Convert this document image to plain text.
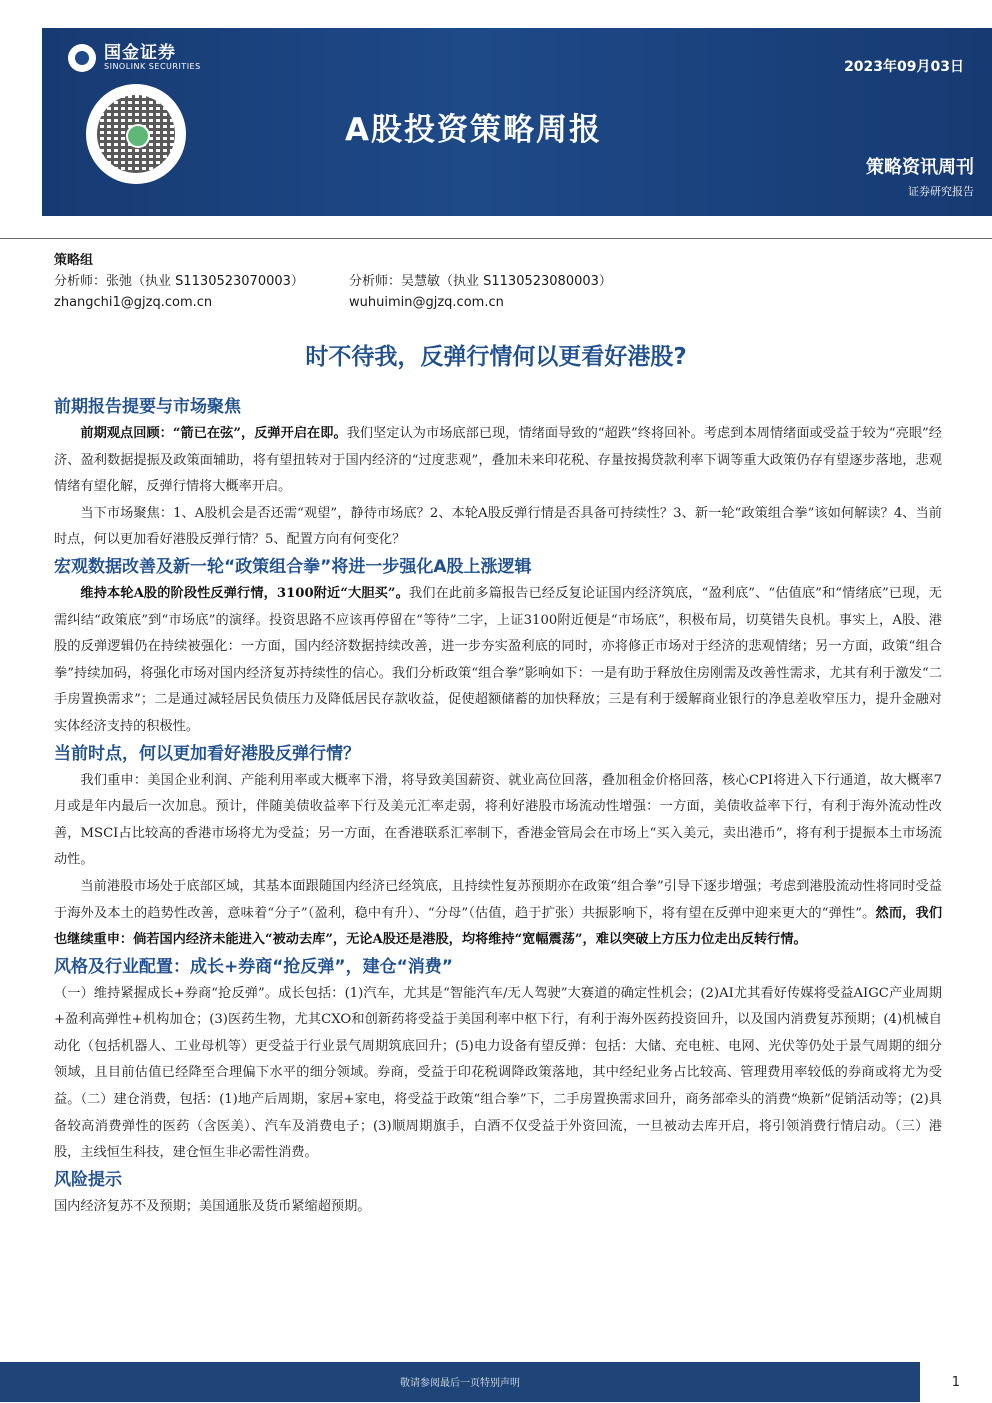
国金证券
SINOLINK SECURITIES
A股投资策略周报
2023年09月03日
策略资讯周刊
证券研究报告
策略组
分析师：张弛（执业 S1130523070003）
zhangchi1@gjzq.com.cn
分析师：吴慧敏（执业 S1130523080003）
wuhuimin@gjzq.com.cn
时不待我，反弹行情何以更看好港股?
前期报告提要与市场聚焦

前期观点回顾：“箭已在弦”，反弹开启在即。我们坚定认为市场底部已现，情绪面导致的“超跌”终将回补。考虑到本周情绪面或受益于较为“亮眼”经济、盈利数据提振及政策面辅助，将有望扭转对于国内经济的“过度悲观”，叠加未来印花税、存量按揭贷款利率下调等重大政策仍存有望逐步落地，悲观情绪有望化解，反弹行情将大概率开启。

当下市场聚焦：1、A股机会是否还需“观望”，静待市场底？2、本轮A股反弹行情是否具备可持续性？3、新一轮“政策组合拳”该如何解读？4、当前时点，何以更加看好港股反弹行情？5、配置方向有何变化？

宏观数据改善及新一轮“政策组合拳”将进一步强化A股上涨逻辑

维持本轮A股的阶段性反弹行情，3100附近“大胆买”。我们在此前多篇报告已经反复论证国内经济筑底，“盈利底”、“估值底”和“情绪底”已现，无需纠结“政策底”到“市场底”的演绎。投资思路不应该再停留在“等待”二字，上证3100附近便是“市场底”，积极布局，切莫错失良机。事实上，A股、港股的反弹逻辑仍在持续被强化：一方面，国内经济数据持续改善，进一步夯实盈利底的同时，亦将修正市场对于经济的悲观情绪；另一方面，政策“组合拳”持续加码，将强化市场对国内经济复苏持续性的信心。我们分析政策“组合拳”影响如下：一是有助于释放住房刚需及改善性需求，尤其有利于激发“二手房置换需求”；二是通过减轻居民负债压力及降低居民存款收益，促使超额储蓄的加快释放；三是有利于缓解商业银行的净息差收窄压力，提升金融对实体经济支持的积极性。

当前时点，何以更加看好港股反弹行情？

我们重申：美国企业利润、产能利用率或大概率下滑，将导致美国薪资、就业高位回落，叠加租金价格回落，核心CPI将进入下行通道，故大概率7月或是年内最后一次加息。预计，伴随美债收益率下行及美元汇率走弱，将利好港股市场流动性增强：一方面，美债收益率下行，有利于海外流动性改善，MSCI占比较高的香港市场将尤为受益；另一方面，在香港联系汇率制下，香港金管局会在市场上“买入美元，卖出港币”，将有利于提振本土市场流动性。

当前港股市场处于底部区域，其基本面跟随国内经济已经筑底，且持续性复苏预期亦在政策“组合拳”引导下逐步增强；考虑到港股流动性将同时受益于海外及本土的趋势性改善，意味着“分子”（盈利，稳中有升）、“分母”（估值，趋于扩张）共振影响下，将有望在反弹中迎来更大的“弹性”。然而，我们也继续重申：倘若国内经济未能进入“被动去库”，无论A股还是港股，均将维持“宽幅震荡”，难以突破上方压力位走出反转行情。

风格及行业配置：成长+券商“抢反弹”，建仓“消费”

（一）维持紧握成长+券商“抢反弹”。成长包括：(1)汽车，尤其是“智能汽车/无人驾驶”大赛道的确定性机会；(2)AI尤其看好传媒将受益AIGC产业周期+盈利高弹性+机构加仓；(3)医药生物，尤其CXO和创新药将受益于美国利率中枢下行，有利于海外医药投资回升，以及国内消费复苏预期；(4)机械自动化（包括机器人、工业母机等）更受益于行业景气周期筑底回升；(5)电力设备有望反弹：包括：大储、充电桩、电网、光伏等仍处于景气周期的细分领域，且目前估值已经降至合理偏下水平的细分领域。券商，受益于印花税调降政策落地，其中经纪业务占比较高、管理费用率较低的券商或将尤为受益。（二）建仓消费，包括：(1)地产后周期，家居+家电，将受益于政策“组合拳”下，二手房置换需求回升，商务部牵头的消费“焕新”促销活动等；(2)具备较高消费弹性的医药（含医美）、汽车及消费电子；(3)顺周期旗手，白酒不仅受益于外资回流，一旦被动去库开启，将引领消费行情启动。（三）港股，主线恒生科技，建仓恒生非必需性消费。

风险提示

国内经济复苏不及预期；美国通胀及货币紧缩超预期。

敬请参阅最后一页特别声明	1
